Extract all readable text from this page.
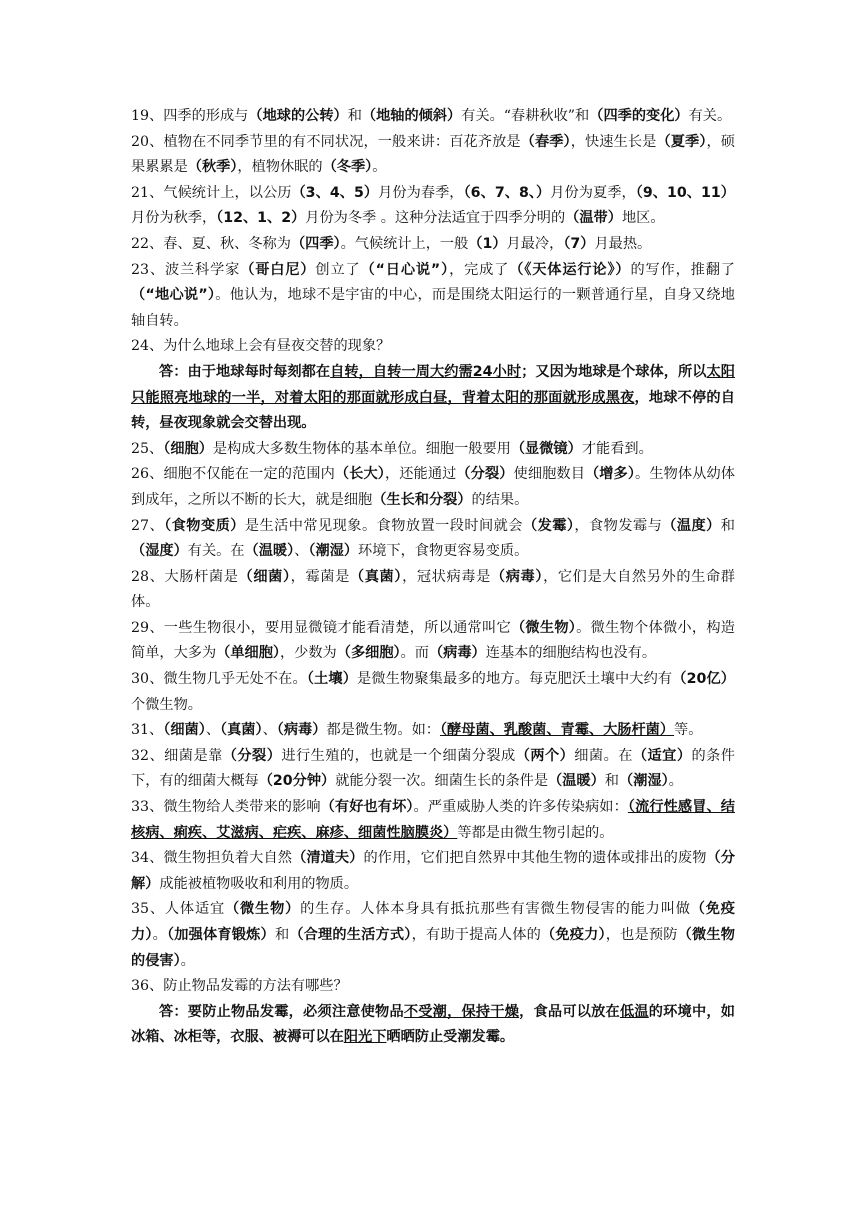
19、四季的形成与（地球的公转）和（地轴的倾斜）有关。“春耕秋收”和（四季的变化）有关。

20、植物在不同季节里的有不同状况，一般来讲：百花齐放是（春季），快速生长是（夏季），硕果累累是（秋季），植物休眠的（冬季）。

21、气候统计上，以公历（3、4、5）月份为春季，（6、7、8、）月份为夏季，（9、10、11）月份为秋季，（12、1、2）月份为冬季 。这种分法适宜于四季分明的（温带）地区。

22、春、夏、秋、冬称为（四季）。气候统计上，一般（1）月最冷，（7）月最热。

23、波兰科学家（哥白尼）创立了（“日心说”），完成了（《天体运行论》）的写作，推翻了（“地心说”）。他认为，地球不是宇宙的中心，而是围绕太阳运行的一颗普通行星，自身又绕地轴自转。

24、为什么地球上会有昼夜交替的现象？

答：由于地球每时每刻都在自转，自转一周大约需24小时；又因为地球是个球体，所以太阳只能照亮地球的一半，对着太阳的那面就形成白昼，背着太阳的那面就形成黑夜，地球不停的自转，昼夜现象就会交替出现。

25、（细胞）是构成大多数生物体的基本单位。细胞一般要用（显微镜）才能看到。

26、细胞不仅能在一定的范围内（长大），还能通过（分裂）使细胞数目（增多）。生物体从幼体到成年，之所以不断的长大，就是细胞（生长和分裂）的结果。

27、（食物变质）是生活中常见现象。食物放置一段时间就会（发霉），食物发霉与（温度）和（湿度）有关。在（温暖）、（潮湿）环境下，食物更容易变质。

28、大肠杆菌是（细菌），霉菌是（真菌），冠状病毒是（病毒），它们是大自然另外的生命群体。

29、一些生物很小，要用显微镜才能看清楚，所以通常叫它（微生物）。微生物个体微小，构造简单，大多为（单细胞），少数为（多细胞）。而（病毒）连基本的细胞结构也没有。

30、微生物几乎无处不在。（土壤）是微生物聚集最多的地方。每克肥沃土壤中大约有（20亿）个微生物。

31、（细菌）、（真菌）、（病毒）都是微生物。如：（酵母菌、乳酸菌、青霉、大肠杆菌）等。

32、细菌是靠（分裂）进行生殖的，也就是一个细菌分裂成（两个）细菌。在（适宜）的条件下，有的细菌大概每（20分钟）就能分裂一次。细菌生长的条件是（温暖）和（潮湿）。

33、微生物给人类带来的影响（有好也有坏）。严重威胁人类的许多传染病如：（流行性感冒、结核病、痢疾、艾滋病、疟疾、麻疹、细菌性脑膜炎）等都是由微生物引起的。

34、微生物担负着大自然（清道夫）的作用，它们把自然界中其他生物的遗体或排出的废物（分解）成能被植物吸收和利用的物质。

35、人体适宜（微生物）的生存。人体本身具有抵抗那些有害微生物侵害的能力叫做（免疫力）。（加强体育锻炼）和（合理的生活方式），有助于提高人体的（免疫力），也是预防（微生物的侵害）。

36、防止物品发霉的方法有哪些？

答：要防止物品发霉，必须注意使物品不受潮，保持干燥，食品可以放在低温的环境中，如冰箱、冰柜等，衣服、被褥可以在阳光下晒晒防止受潮发霉。
